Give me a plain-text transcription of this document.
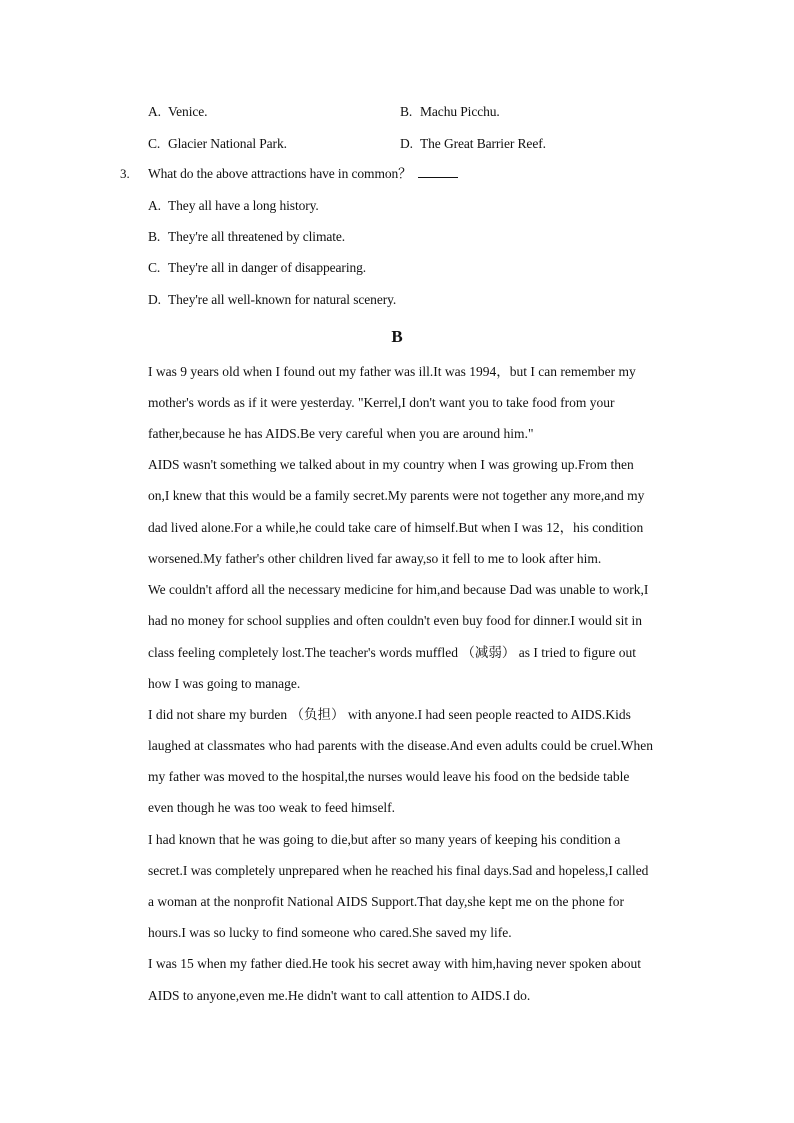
A. Venice.	B. Machu Picchu.
C. Glacier National Park.	D. The Great Barrier Reef.
3. What do the above attractions have in common？
A. They all have a long history.
B. They're all threatened by climate.
C. They're all in danger of disappearing.
D. They're all well-known for natural scenery.
B
I was 9 years old when I found out my father was ill.It was 1994，but I can remember my
mother's words as if it were yesterday. "Kerrel,I don't want you to take food from your
father,because he has AIDS.Be very careful when you are around him."
AIDS wasn't something we talked about in my country when I was growing up.From then
on,I knew that this would be a family secret.My parents were not together any more,and my
dad lived alone.For a while,he could take care of himself.But when I was 12，his condition
worsened.My father's other children lived far away,so it fell to me to look after him.
We couldn't afford all the necessary medicine for him,and because Dad was unable to work,I
had no money for school supplies and often couldn't even buy food for dinner.I would sit in
class feeling completely lost.The teacher's words muffled （减弱） as I tried to figure out
how I was going to manage.
I did not share my burden （负担） with anyone.I had seen people reacted to AIDS.Kids
laughed at classmates who had parents with the disease.And even adults could be cruel.When
my father was moved to the hospital,the nurses would leave his food on the bedside table
even though he was too weak to feed himself.
I had known that he was going to die,but after so many years of keeping his condition a
secret.I was completely unprepared when he reached his final days.Sad and hopeless,I called
a woman at the nonprofit National AIDS Support.That day,she kept me on the phone for
hours.I was so lucky to find someone who cared.She saved my life.
I was 15 when my father died.He took his secret away with him,having never spoken about
AIDS to anyone,even me.He didn't want to call attention to AIDS.I do.
